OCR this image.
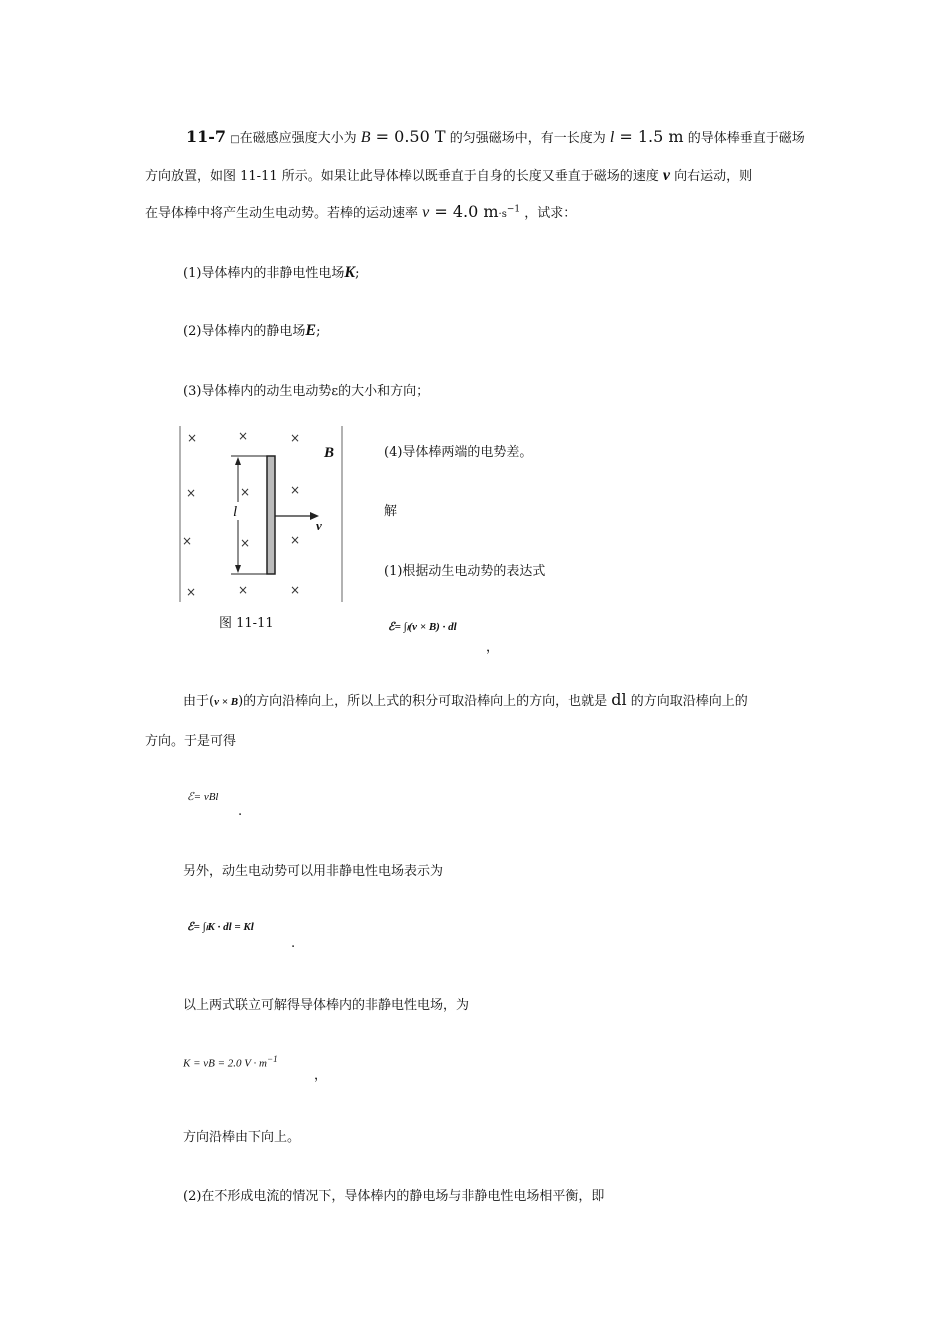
11-7 □在磁感应强度大小为 B = 0.50 T 的匀强磁场中，有一长度为 l = 1.5 m 的导体棒垂直于磁场
方向放置，如图 11-11 所示。如果让此导体棒以既垂直于自身的长度又垂直于磁场的速度 v 向右运动，则
在导体棒中将产生动生电动势。若棒的运动速率 v = 4.0 $m\cdot s^{-1}$ ，试求：
(1)导体棒内的非静电性电场K;
(2)导体棒内的静电场E;
(3)导体棒内的动生电动势ε的大小和方向；
×	×	×
×	×	×
×	×	×
×	×	×
l
v
B
图 11-11
(4)导体棒两端的电势差。
解
(1)根据动生电动势的表达式
ℰ= ∫ₗ(v × B) · dl
，
由于(v × B)的方向沿棒向上，所以上式的积分可取沿棒向上的方向，也就是 dl 的方向取沿棒向上的
方向。于是可得
ℰ= vBl
.
另外，动生电动势可以用非静电性电场表示为
ℰ= ∫ₗK · dl = Kl
.
以上两式联立可解得导体棒内的非静电性电场，为
K = vB = 2.0 $V \cdot m^{-1}$
，
方向沿棒由下向上。
(2)在不形成电流的情况下，导体棒内的静电场与非静电性电场相平衡，即
